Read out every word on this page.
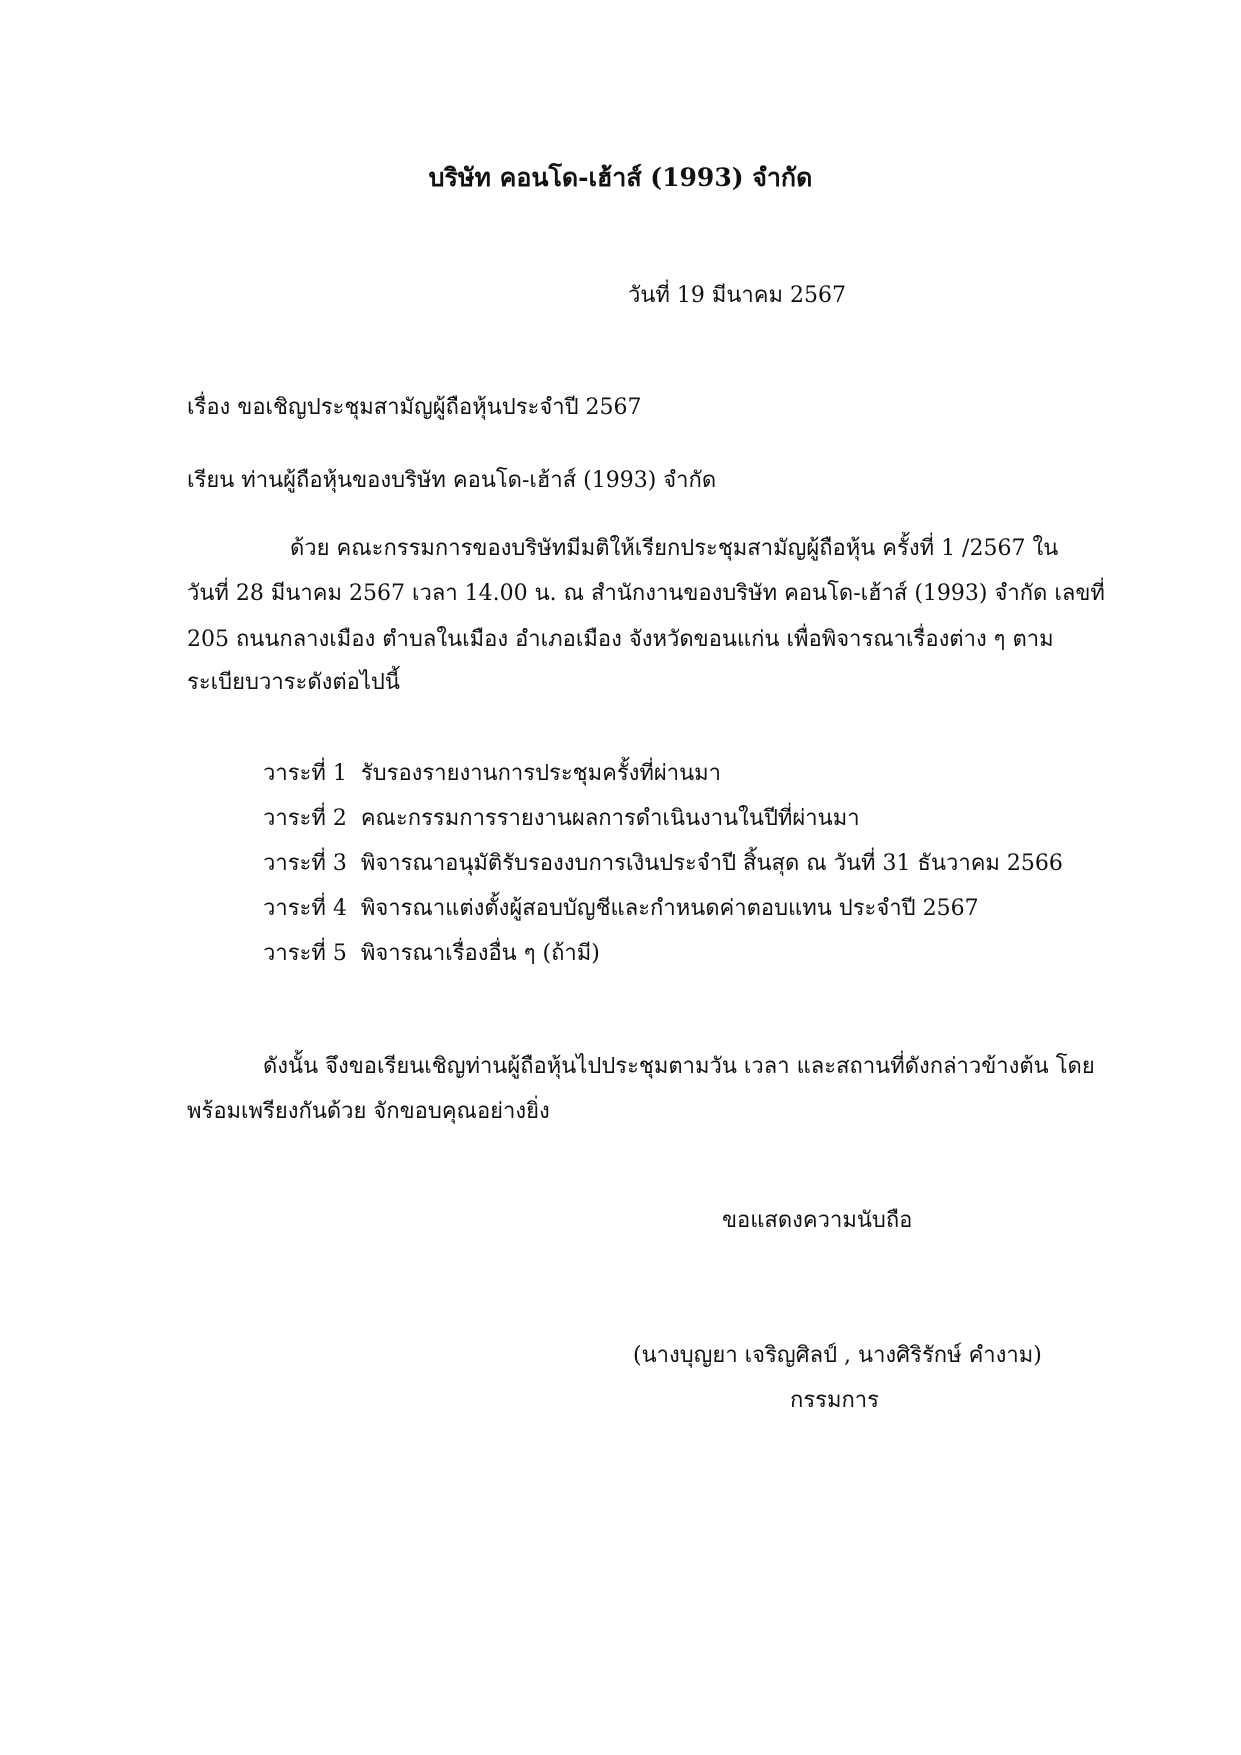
บริษัท คอนโด-เฮ้าส์ (1993) จำกัด
วันที่ 19 มีนาคม 2567
เรื่อง ขอเชิญประชุมสามัญผู้ถือหุ้นประจำปี 2567
เรียน ท่านผู้ถือหุ้นของบริษัท คอนโด-เฮ้าส์ (1993) จำกัด
ด้วย คณะกรรมการของบริษัทมีมติให้เรียกประชุมสามัญผู้ถือหุ้น ครั้งที่ 1 /2567 ใน
วันที่ 28 มีนาคม 2567 เวลา 14.00 น. ณ สำนักงานของบริษัท คอนโด-เฮ้าส์ (1993) จำกัด เลขที่
205 ถนนกลางเมือง ตำบลในเมือง อำเภอเมือง จังหวัดขอนแก่น เพื่อพิจารณาเรื่องต่าง ๆ ตาม
ระเบียบวาระดังต่อไปนี้
วาระที่ 1 รับรองรายงานการประชุมครั้งที่ผ่านมา
วาระที่ 2 คณะกรรมการรายงานผลการดำเนินงานในปีที่ผ่านมา
วาระที่ 3 พิจารณาอนุมัติรับรองงบการเงินประจำปี สิ้นสุด ณ วันที่ 31 ธันวาคม 2566
วาระที่ 4 พิจารณาแต่งตั้งผู้สอบบัญชีและกำหนดค่าตอบแทน ประจำปี 2567
วาระที่ 5 พิจารณาเรื่องอื่น ๆ (ถ้ามี)
ดังนั้น จึงขอเรียนเชิญท่านผู้ถือหุ้นไปประชุมตามวัน เวลา และสถานที่ดังกล่าวข้างต้น โดย
พร้อมเพรียงกันด้วย จักขอบคุณอย่างยิ่ง
ขอแสดงความนับถือ
(นางบุญยา เจริญศิลป์ , นางศิริรักษ์ คำงาม)
กรรมการ
